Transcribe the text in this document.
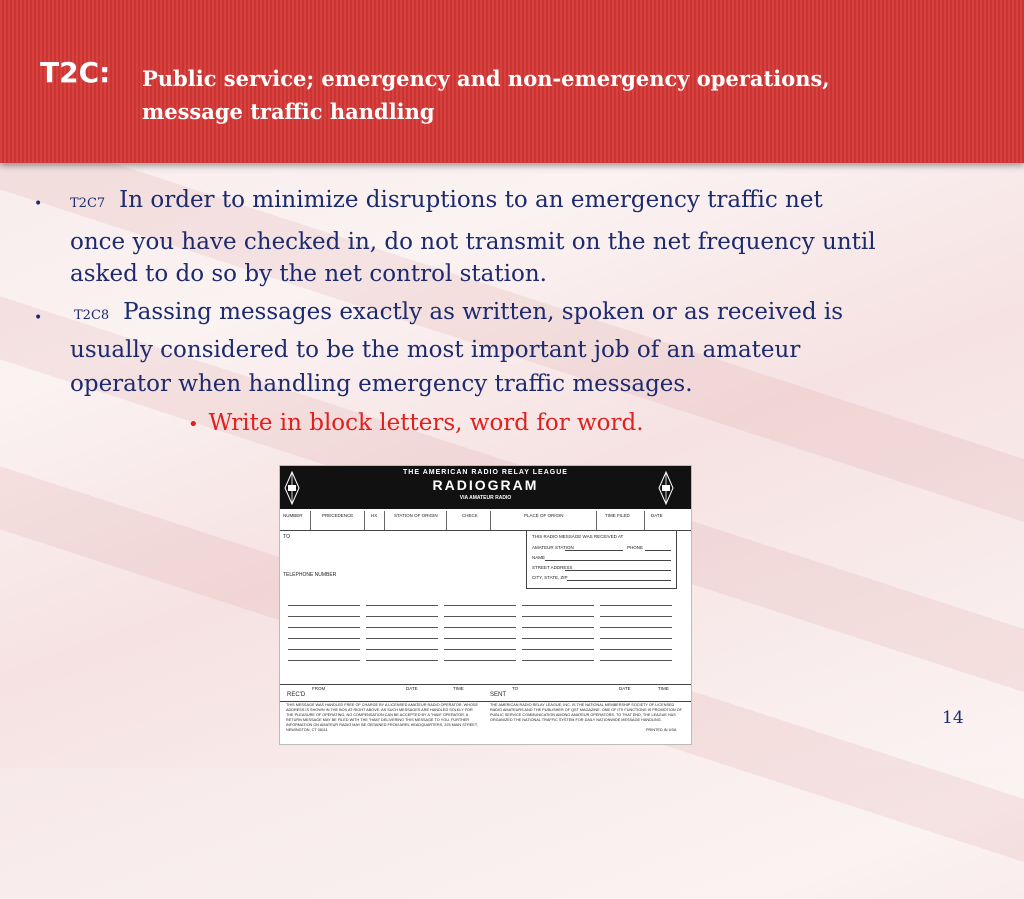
T2C: Public service; emergency and non-emergency operations,
message traffic handling
• T2C7 In order to minimize disruptions to an emergency traffic net
once you have checked in, do not transmit on the net frequency until
asked to do so by the net control station.
•	T2C8 Passing messages exactly as written, spoken or as received is
usually considered to be the most important job of an amateur
operator when handling emergency traffic messages.
• Write in block letters, word for word.
THE AMERICAN RADIO RELAY LEAGUE
RADIOGRAM
VIA AMATEUR RADIO
NUMBER	PRECEDENCE	HX	STATION OF ORIGIN	CHECK	PLACE OF ORIGIN	TIME FILED	DATE
TO
TELEPHONE NUMBER
THIS RADIO MESSAGE WAS RECEIVED AT
AMATEUR STATION	PHONE
NAME
STREET ADDRESS
CITY, STATE, ZIP
FROM	DATE	TIME	TO	DATE	TIME
REC'D	SENT
THIS MESSAGE WAS HANDLED FREE OF CHARGE BY A LICENSED AMATEUR RADIO OPERATOR, WHOSE ADDRESS IS SHOWN IN THE BOX AT RIGHT ABOVE. AS SUCH MESSAGES ARE HANDLED SOLELY FOR THE PLEASURE OF OPERATING, NO COMPENSATION CAN BE ACCEPTED BY A "HAM" OPERATOR. A RETURN MESSAGE MAY BE FILED WITH THE "HAM" DELIVERING THIS MESSAGE TO YOU. FURTHER INFORMATION ON AMATEUR RADIO MAY BE OBTAINED FROM ARRL HEADQUARTERS, 225 MAIN STREET, NEWINGTON, CT 06111
THE AMERICAN RADIO RELAY LEAGUE, INC. IS THE NATIONAL MEMBERSHIP SOCIETY OF LICENSED RADIO AMATEURS AND THE PUBLISHER OF QST MAGAZINE. ONE OF ITS FUNCTIONS IS PROMOTION OF PUBLIC SERVICE COMMUNICATION AMONG AMATEUR OPERATORS. TO THAT END, THE LEAGUE HAS ORGANIZED THE NATIONAL TRAFFIC SYSTEM FOR DAILY NATIONWIDE MESSAGE HANDLING.
PRINTED IN USA
14
